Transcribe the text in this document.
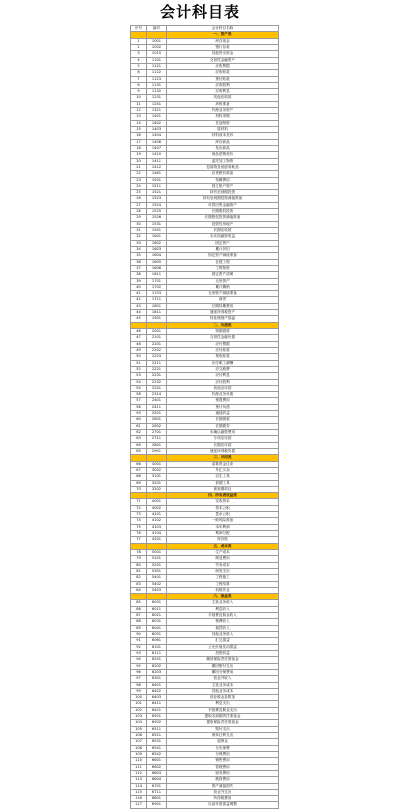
会计科目表
序号	编号	会计科目名称
		一、资产类
1	1001	库存现金
2	1002	银行存款
3	1015	其他货币资金
4	1101	交易性金融资产
5	1121	应收票据
6	1122	应收账款
7	1123	预付账款
8	1131	应收股利
9	1132	应收利息
10	1231	其他应收款
11	1241	坏账准备
12	1321	代理业务资产
13	1401	材料采购
14	1402	在途物资
15	1403	原材料
16	1404	材料成本差异
17	1406	库存商品
18	1407	发出商品
19	1410	商品进销差价
20	1411	委托加工物资
21	1412	包装物及低值易耗品
22	1461	存货跌价准备
23	1501	待摊费用
24	1511	独立账户资产
25	1521	持有至到期投资
26	1523	持有至到期投资减值准备
27	1524	可供出售金融资产
28	1525	长期股权投资
29	1526	长期股权投资减值准备
30	1531	投资性房地产
31	1541	长期应收款
32	1601	未实现融资收益
33	1602	固定资产
34	1603	累计折旧
35	1604	固定资产减值准备
36	1605	在建工程
37	1606	工程物资
38	1611	固定资产清理
39	1701	无形资产
40	1702	累计摊销
41	1703	无形资产减值准备
42	1711	商誉
43	1801	长期待摊费用
44	1811	递延所得税资产
45	1901	待处理财产损溢
		二、负债类
46	2001	短期借款
47	2101	交易性金融负债
48	2201	应付票据
49	2202	应付账款
50	2203	预收账款
51	2211	应付职工薪酬
52	2221	应交税费
53	2231	应付利息
54	2232	应付股利
55	2241	其他应付款
56	2314	代理业务负债
57	2401	预提费用
58	2411	预计负债
59	2501	递延收益
60	2601	长期借款
61	2602	长期债券
62	2701	未确认融资费用
63	2711	专项应付款
64	2801	长期应付款
65	2901	递延所得税负债
		三、共同类
66	3001	清算资金往来
67	3002	外汇买卖
68	3101	衍生工具
69	3201	套期工具
70	3202	被套期项目
		四、所有者权益类
71	4001	实收资本
72	4002	资本公积
73	4101	盈余公积
74	4102	一般风险准备
75	4103	本年利润
76	4104	利润分配
77	4201	库存股
		五、成本类
78	5001	生产成本
79	5101	制造费用
80	5201	劳务成本
81	5301	研发支出
82	5401	工程施工
83	5402	工程结算
84	5403	机械作业
		六、损益类
85	6001	主营业务收入
86	6011	利息收入
87	6021	手续费及佣金收入
88	6031	保费收入
89	6041	租赁收入
90	6051	其他业务收入
91	6061	汇兑损益
92	6101	公允价值变动损益
93	6111	投资收益
94	6201	摊回保险责任准备金
95	6202	摊回赔付支出
96	6203	摊回分保费用
97	6301	营业外收入
98	6401	主营业务成本
99	6402	其他业务成本
100	6403	营业税金及附加
101	6411	利息支出
102	6421	手续费及佣金支出
103	6501	提取未到期责任准备金
104	6502	提取保险责任准备金
105	6511	赔付支出
106	6521	保单红利支出
107	6531	退保金
108	6541	分出保费
109	6542	分保费用
110	6601	销售费用
111	6602	管理费用
112	6603	财务费用
113	6604	勘探费用
114	6701	资产减值损失
115	6711	营业外支出
116	6801	所得税费用
117	6901	以前年度损益调整
